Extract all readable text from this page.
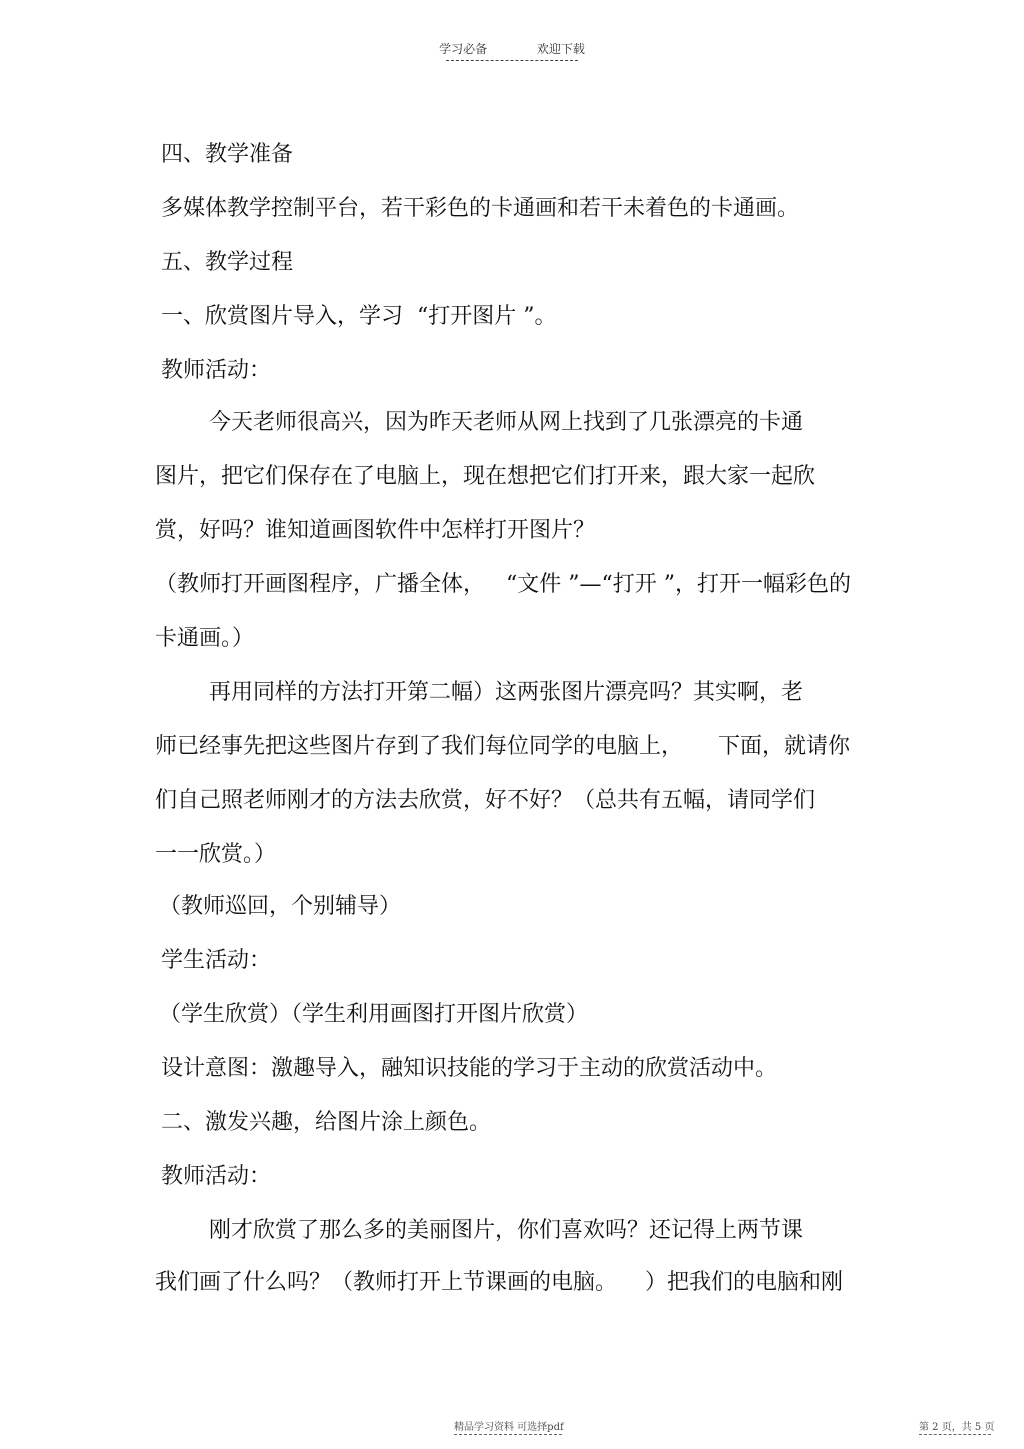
学习必备	欢迎下载
四、教学准备
多媒体教学控制平台，若干彩色的卡通画和若干未着色的卡通画。
五、教学过程
一、欣赏图片导入，学习  “打开图片 ”。
教师活动：
今天老师很高兴，因为昨天老师从网上找到了几张漂亮的卡通
图片，把它们保存在了电脑上，现在想把它们打开来，跟大家一起欣
赏，好吗？谁知道画图软件中怎样打开图片？
（教师打开画图程序，广播全体，   “文件 ”—“打开 ”，打开一幅彩色的
卡通画。）
再用同样的方法打开第二幅）这两张图片漂亮吗？其实啊，老
师已经事先把这些图片存到了我们每位同学的电脑上，     下面，就请你
们自己照老师刚才的方法去欣赏，好不好？（总共有五幅，请同学们
一一欣赏。）
（教师巡回，个别辅导）
学生活动：
（学生欣赏）（学生利用画图打开图片欣赏）
设计意图：激趣导入，融知识技能的学习于主动的欣赏活动中。
二、激发兴趣，给图片涂上颜色。
教师活动：
刚才欣赏了那么多的美丽图片，你们喜欢吗？还记得上两节课
我们画了什么吗？（教师打开上节课画的电脑。    ）把我们的电脑和刚
精品学习资料 可选择pdf	第 2 页，共 5 页
